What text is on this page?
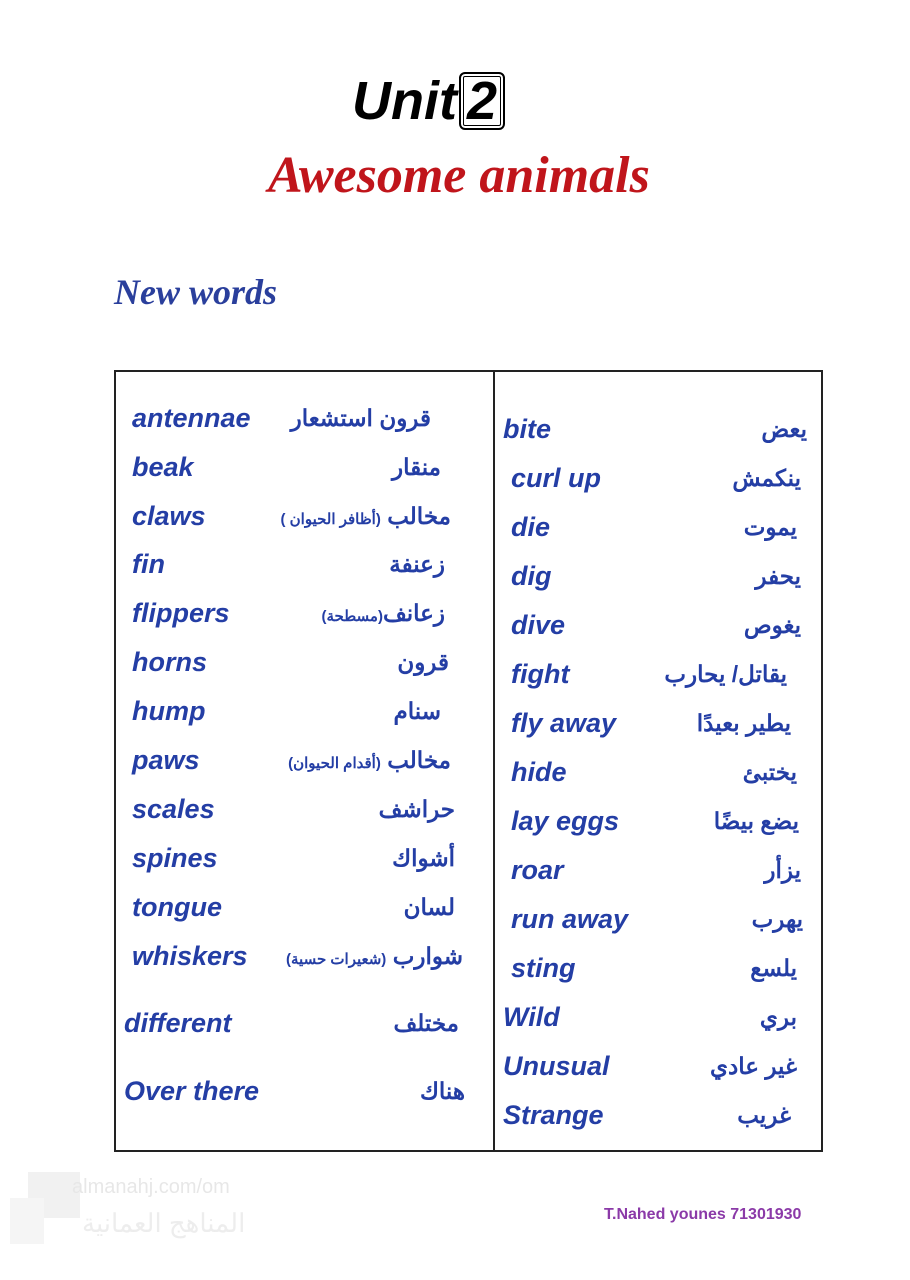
Unit 2
Awesome animals
New words
antennae قرون استشعار
beak	منقار
claws	مخالب (أظافر الحيوان )
fin	زعنفة
flippers	زعانف(مسطحة)
horns	قرون
hump	سنام
paws	مخالب (أقدام الحيوان)
scales	حراشف
spines	أشواك
tongue	لسان
whiskers	شوارب (شعيرات حسية)
different	مختلف
Over there	هناك
bite	يعض
curl up	ينكمش
die	يموت
dig	يحفر
dive	يغوص
fight	يقاتل/ يحارب
fly away	يطير بعيدًا
hide	يختبئ
lay eggs	يضع بيضًا
roar	يزأر
run away	يهرب
sting	يلسع
Wild	بري
Unusual	غير عادي
Strange	غريب
almanahj.com/om
المناهج العمانية	T.Nahed younes 71301930
